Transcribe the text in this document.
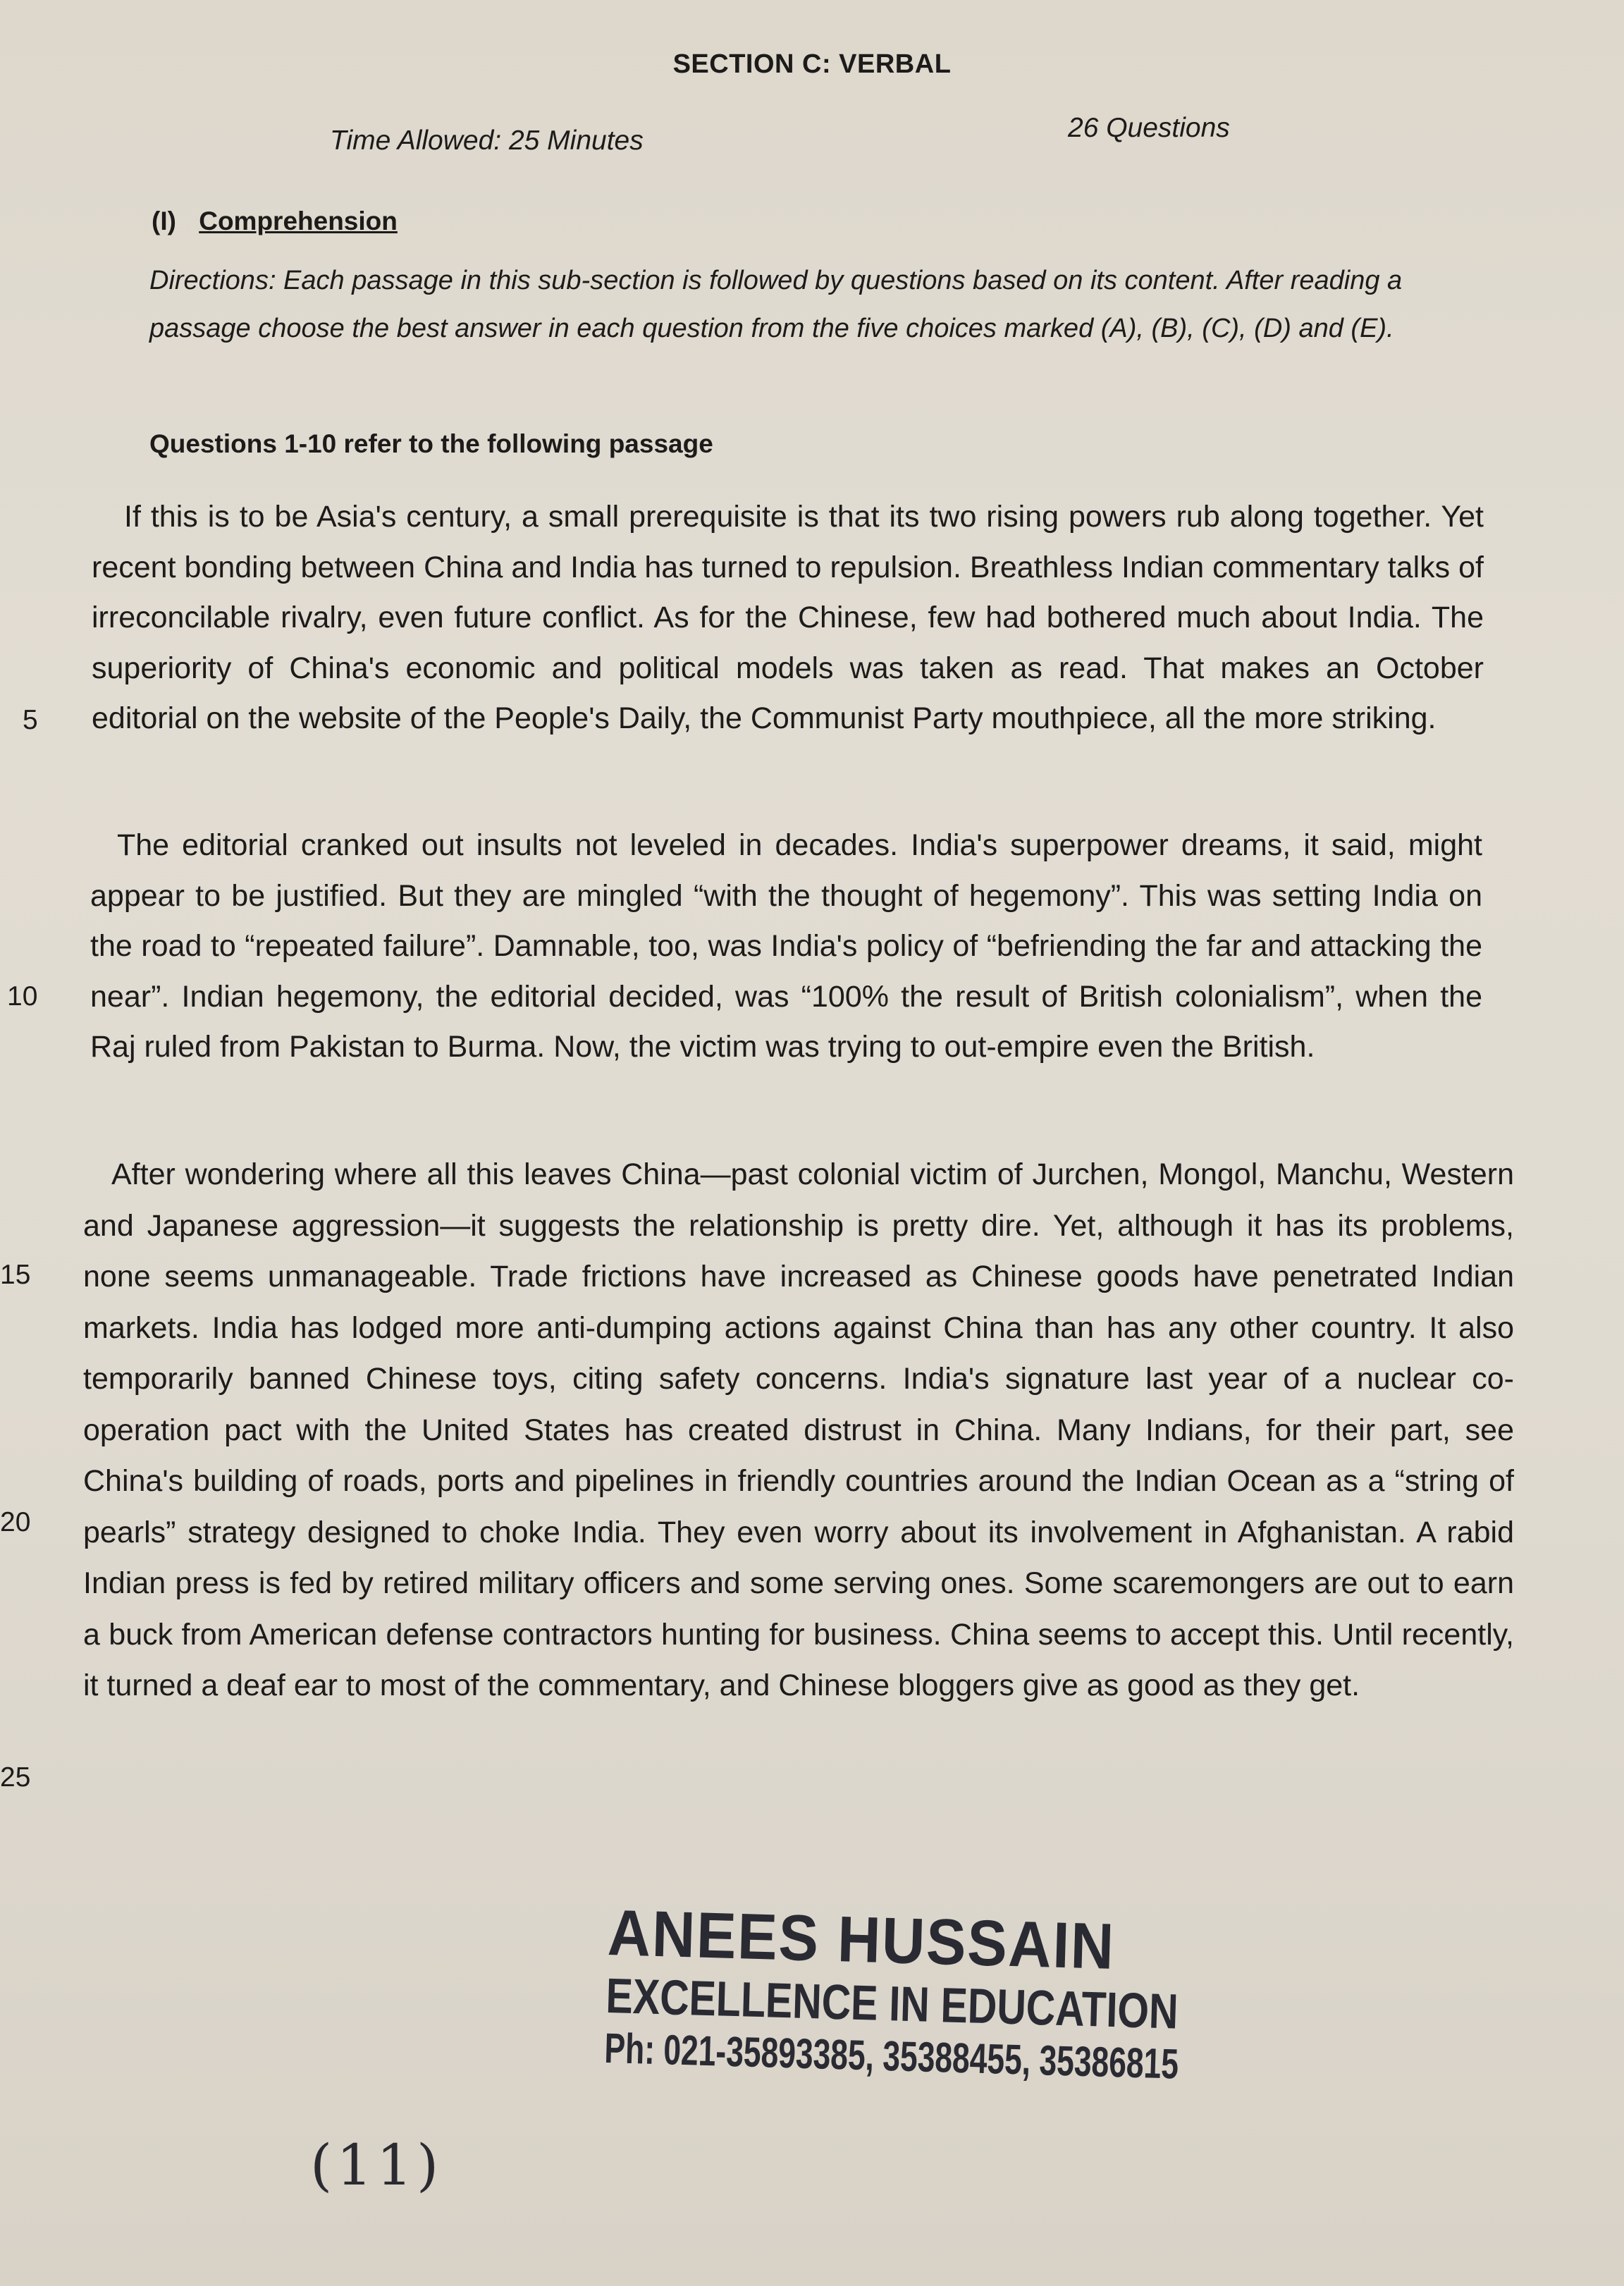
SECTION C: VERBAL
Time Allowed: 25 Minutes	26 Questions
(I) Comprehension
Directions: Each passage in this sub-section is followed by questions based on its content. After reading a passage choose the best answer in each question from the five choices marked (A), (B), (C), (D) and (E).
Questions 1-10 refer to the following passage
If this is to be Asia's century, a small prerequisite is that its two rising powers rub along together. Yet recent bonding between China and India has turned to repulsion. Breathless Indian commentary talks of irreconcilable rivalry, even future conflict. As for the Chinese, few had bothered much about India. The superiority of China's economic and political models was taken as read. That makes an October editorial on the website of the People's Daily, the Communist Party mouthpiece, all the more striking.
The editorial cranked out insults not leveled in decades. India's superpower dreams, it said, might appear to be justified. But they are mingled “with the thought of hegemony”. This was setting India on the road to “repeated failure”. Damnable, too, was India's policy of “befriending the far and attacking the near”. Indian hegemony, the editorial decided, was “100% the result of British colonialism”, when the Raj ruled from Pakistan to Burma. Now, the victim was trying to out-empire even the British.
After wondering where all this leaves China—past colonial victim of Jurchen, Mongol, Manchu, Western and Japanese aggression—it suggests the relationship is pretty dire. Yet, although it has its problems, none seems unmanageable. Trade frictions have increased as Chinese goods have penetrated Indian markets. India has lodged more anti-dumping actions against China than has any other country. It also temporarily banned Chinese toys, citing safety concerns. India's signature last year of a nuclear co-operation pact with the United States has created distrust in China. Many Indians, for their part, see China's building of roads, ports and pipelines in friendly countries around the Indian Ocean as a “string of pearls” strategy designed to choke India. They even worry about its involvement in Afghanistan. A rabid Indian press is fed by retired military officers and some serving ones. Some scaremongers are out to earn a buck from American defense contractors hunting for business. China seems to accept this. Until recently, it turned a deaf ear to most of the commentary, and Chinese bloggers give as good as they get.
5
10
15
20
25
ANEES HUSSAIN
EXCELLENCE IN EDUCATION
Ph: 021-35893385, 35388455, 35386815
(11)
